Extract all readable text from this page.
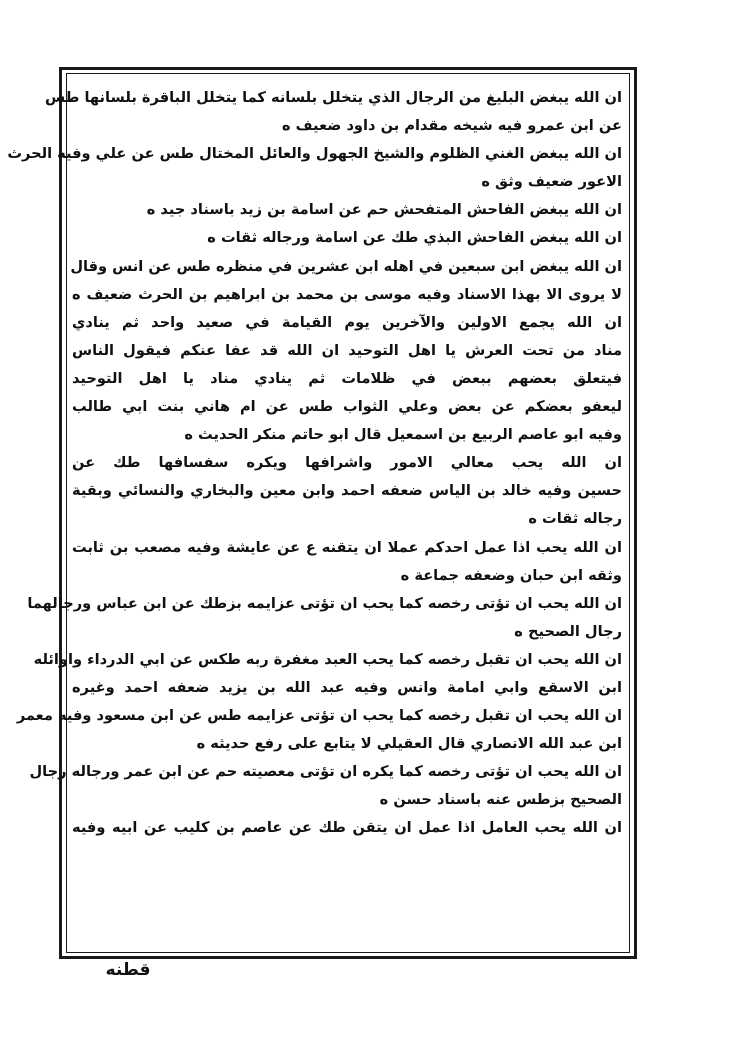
ان الله يبغض البليغ من الرجال الذي يتخلل بلسانه كما يتخلل الباقرة بلسانها طس
عن ابن عمرو فيه شيخه مقدام بن داود ضعيف ه
ان الله يبغض الغني الظلوم والشيخ الجهول والعائل المختال طس عن علي وفيه الحرث
الاعور ضعيف وثق ه
ان الله يبغض الفاحش المتفحش حم عن اسامة بن زيد باسناد جيد ه
ان الله يبغض الفاحش البذي طك عن اسامة ورجاله ثقات ه
ان الله يبغض ابن سبعين في اهله ابن عشرين في منظره طس عن انس وقال
لا يروى الا بهذا الاسناد وفيه موسى بن محمد بن ابراهيم بن الحرث ضعيف ه
ان الله يجمع الاولين والآخرين يوم القيامة في صعيد واحد ثم ينادي
مناد من تحت العرش يا اهل التوحيد ان الله قد عفا عنكم فيقول الناس
فيتعلق بعضهم ببعض في ظلامات ثم ينادي مناد يا اهل التوحيد
ليعفو بعضكم عن بعض وعلي الثواب طس عن ام هاني بنت ابي طالب
وفيه ابو عاصم الربيع بن اسمعيل قال ابو حاتم منكر الحديث ه
ان الله يحب معالي الامور واشرافها ويكره سفسافها طك عن
حسين وفيه خالد بن الياس ضعفه احمد وابن معين والبخاري والنسائي وبقية
رجاله ثقات ه
ان الله يحب اذا عمل احدكم عملا ان يتقنه ع عن عايشة وفيه مصعب بن ثابت
وثقه ابن حبان وضعفه جماعة ه
ان الله يحب ان تؤتى رخصه كما يحب ان تؤتى عزايمه بزطك عن ابن عباس ورجالهما
رجال الصحيح ه
ان الله يحب ان تقبل رخصه كما يحب العبد مغفرة ربه طكس عن ابي الدرداء واوائله
ابن الاسقع وابي امامة وانس وفيه عبد الله بن يزيد ضعفه احمد وغيره
ان الله يحب ان تقبل رخصه كما يحب ان تؤتى عزايمه طس عن ابن مسعود وفيه معمر
ابن عبد الله الانصاري قال العقيلي لا يتابع على رفع حديثه ه
ان الله يحب ان تؤتى رخصه كما يكره ان تؤتى معصيته حم عن ابن عمر ورجاله رجال
الصحيح بزطس عنه باسناد حسن ه
ان الله يحب العامل اذا عمل ان يتقن طك عن عاصم بن كليب عن ابيه وفيه
قطنه
